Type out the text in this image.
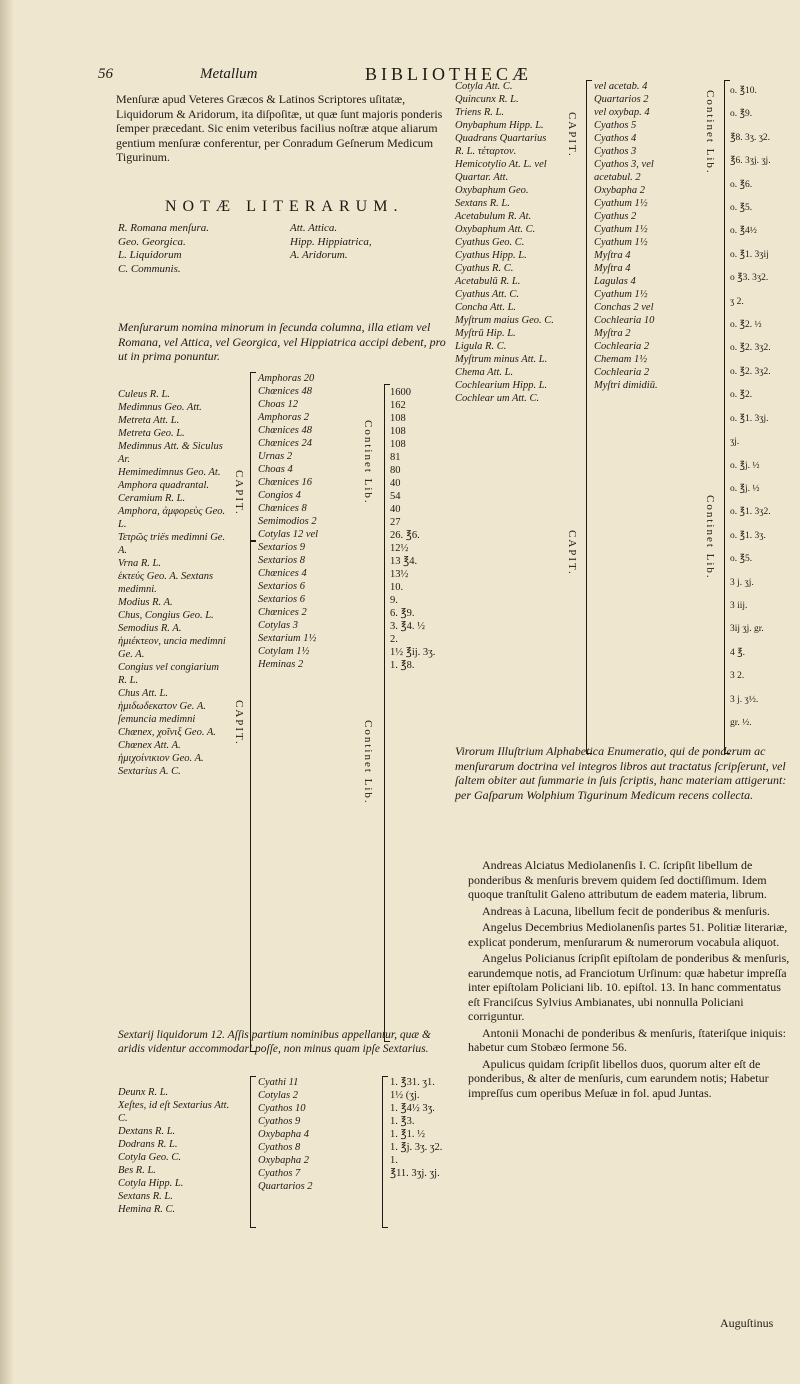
56	Metallum	BIBLIOTHECÆ
Menſuræ apud Veteres Græcos & Latinos Scriptores uſitatæ, Liquidorum & Aridorum, ita diſpoſitæ, ut quæ ſunt majoris ponderis ſemper præcedant. Sic enim veteribus facilius noſtræ atque aliarum gentium menſuræ conferentur, per Conradum Geſnerum Medicum Tigurinum.
NOTÆ LITERARUM.
R. Romana menſura.
Geo. Georgica.
L. Liquidorum
C. Communis.
Att. Attica.
Hipp. Hippiatrica,
A. Aridorum.
Menſurarum nomina minorum in ſecunda columna, illa etiam vel Romana, vel Attica, vel Georgica, vel Hippiatrica accipi debent, pro ut in prima ponuntur.
Culeus R. L.
Medimnus Geo. Att.
Metreta Att. L.
Metreta Geo. L.
Medimnus Att. & Siculus Ar.
Hemimedimnus Geo. At.
Amphora quadrantal. Ceramium R. L.
Amphora, ἀμφορεὺς Geo. L.
Τετρῶς triës medimni Ge. A.
Vrna R. L.
ἑκτεύς Geo. A. Sextans medimni.
Modius R. A.
Chus, Congius Geo. L.
Semodius R. A.
ἡμιέκτεον, uncia medimni Ge. A.
Congius vel congiarium R. L.
Chus Att. L.
ἡμιδωδεκατον Ge. A. ſemuncia medimni
Chœnex, χοῖνιξ Geo. A.
Chœnex Att. A.
ἡμιχοίνικιον Geo. A.
Sextarius A. C.
CAPIT.
CAPIT.
Amphoras 20
Chœnices 48
Choas 12
Amphoras 2
Chœnices 48
Chœnices 24
Urnas 2
Choas 4
Chœnices 16
Congios 4
Chœnices 8
Semimodios 2
Cotylas 12 vel
Sextarios 9
Sextarios 8
Chœnices 4
Sextarios 6
Sextarios 6
Chœnices 2
Cotylas 3
Sextarium 1½
Cotylam 1½
Heminas 2
Continet Lib.
Continet Lib.
1600
162
108
108
108
81
80
40
54
40
27
26. ℥6.
12½
13 ℥4.
13½
10.
9.
6. ℥9.
3. ℥4. ½
2.
1½ ℥ij. 3ʒ.
1. ℥8.
Sextarij liquidorum 12. Aſſis partium nominibus appellantur, quæ & aridis videntur accommodari poſſe, non minus quam ipſe Sextarius.
Deunx R. L.
Xeſtes, id eſt Sextarius Att. C.
Dextans R. L.
Dodrans R. L.
Cotyla Geo. C.
Bes R. L.
Cotyla Hipp. L.
Sextans R. L.
Hemina R. C.
Cyathi 11
Cotylas 2
Cyathos 10
Cyathos 9
Oxybapha 4
Cyathos 8
Oxybapha 2
Cyathos 7
Quartarios 2
1. ℥31. ʒ1.
1½ (ʒj.
1. ℥4½ 3ʒ.
1. ℥3.
1. ℥1. ½
1. ℥j. 3ʒ. ʒ2.
1.
℥11. 3ʒj. ʒj.
Cotyla Att. C.
Quincunx R. L.
Triens R. L.
Onybaphum Hipp. L.
Quadrans Quartarius R. L. τέταρτον.
Hemicotylio At. L. vel Quartar. Att.
Oxybaphum Geo.
Sextans R. L.
Acetabulum R. At.
Oxybaphum Att. C.
Cyathus Geo. C.
Cyathus Hipp. L.
Cyathus R. C.
Acetabulū R. L.
Cyathus Att. C.
Concha Att. L.
Myſtrum maius Geo. C.
Myſtrū Hip. L.
Ligula R. C.
Myſtrum minus Att. L.
Chema Att. L.
Cochlearium Hipp. L.
Cochlear um Att. C.
CAPIT.
CAPIT.
vel acetab. 4
Quartarios 2
vel oxybap. 4
Cyathos 5
Cyathos 4
Cyathos 3
Cyathos 3, vel acetabul. 2
Oxybapha 2
Cyathum 1½
Cyathus 2
Cyathum 1½
Cyathum 1½
Myſtra 4
Myſtra 4
Lagulas 4
Cyathum 1½
Conchas 2 vel
Cochlearia 10
Myſtra 2
Cochlearia 2
Chemam 1½
Cochlearia 2
Myſtri dimidiū.
Continet Lib.
Continet Lib.
o. ℥10.
o. ℥9.
℥8. 3ʒ. ʒ2.
℥6. 3ʒj. ʒj.
o. ℥6.
o. ℥5.
o. ℥4½
o. ℥1. 3ʒij
o ℥3. 3ʒ2.
ʒ 2.
o. ℥2. ½
o. ℥2. 3ʒ2.
o. ℥2. 3ʒ2.
o. ℥2.
o. ℥1. 3ʒj.
ʒj.
o. ℥j. ½
o. ℥j. ½
o. ℥1. 3ʒ2.
o. ℥1. 3ʒ.
o. ℥5.
3 j. ʒj.
3 iij.
3ij ʒj. gr.
4 ℥.
3 2.
3 j. ʒ½.
gr. ½.
Virorum Illuſtrium Alphabetica Enumeratio, qui de ponderum ac menſurarum doctrina vel integros libros aut tractatus ſcripſerunt, vel ſaltem obiter aut ſummarie in ſuis ſcriptis, hanc materiam attigerunt: per Gaſparum Wolphium Tigurinum Medicum recens collecta.
Andreas Alciatus Mediolanenſis I. C. ſcripſit libellum de ponderibus & menſuris brevem quidem ſed doctiſſimum. Idem quoque tranſtulit Galeno attributum de eadem materia, librum.
Andreas à Lacuna, libellum fecit de ponderibus & menſuris.
Angelus Decembrius Mediolanenſis partes 51. Politiæ literariæ, explicat ponderum, menſurarum & numerorum vocabula aliquot.
Angelus Policianus ſcripſit epiſtolam de ponderibus & menſuris, earundemque notis, ad Franciotum Urſinum: quæ habetur impreſſa inter epiſtolam Policiani lib. 10. epiſtol. 13. In hanc commentatus eſt Franciſcus Sylvius Ambianates, ubi nonnulla Policiani corriguntur.
Antonii Monachi de ponderibus & menſuris, ſtateriſque iniquis: habetur cum Stobæo ſermone 56.
Apulicus quidam ſcripſit libellos duos, quorum alter eſt de ponderibus, & alter de menſuris, cum earundem notis; Habetur impreſſus cum operibus Meſuæ in fol. apud Juntas.
Auguſtinus
